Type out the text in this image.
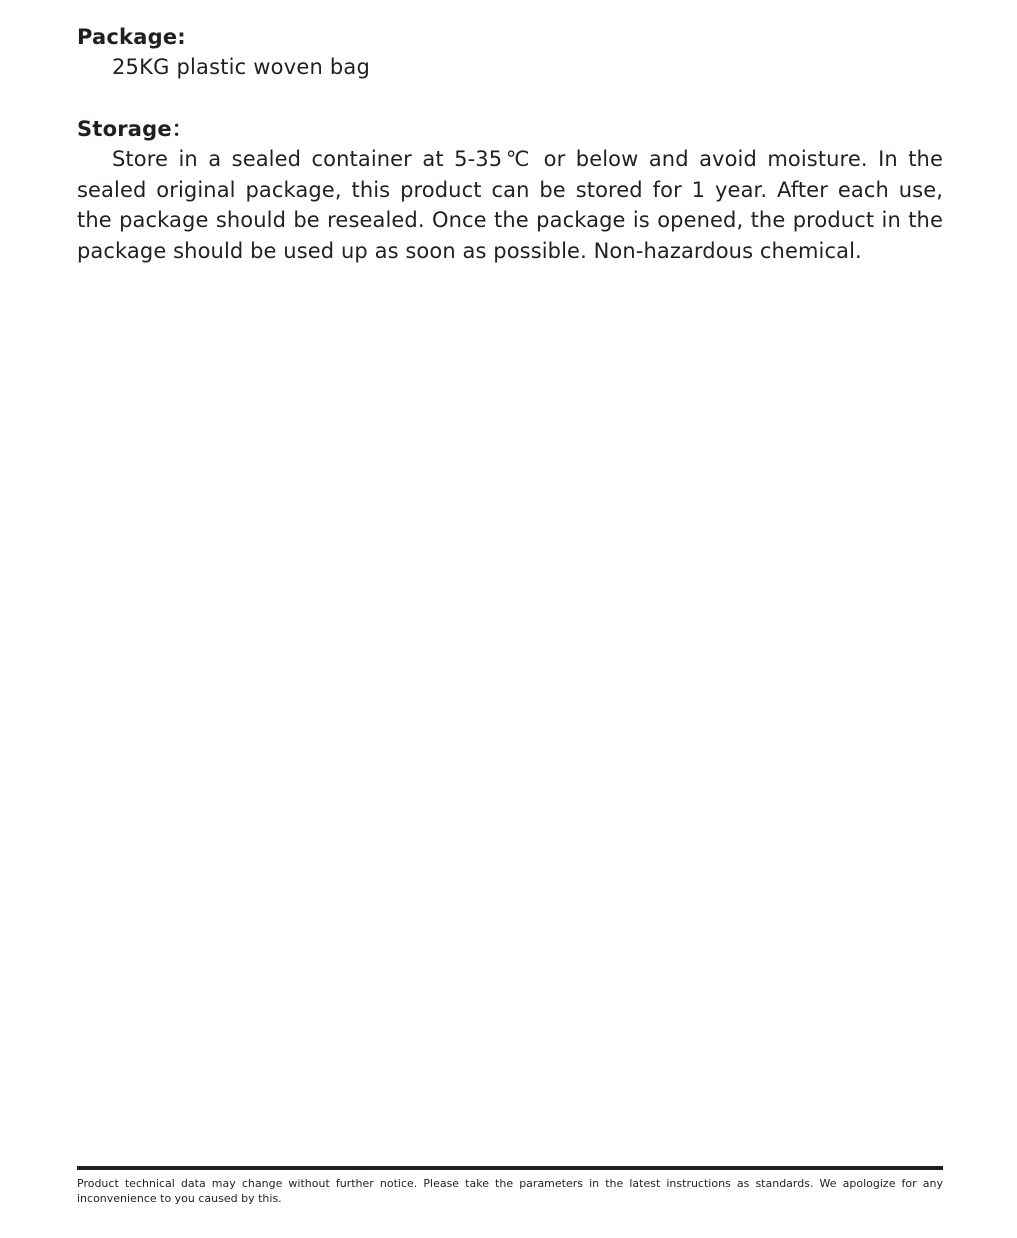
Package:

25KG plastic woven bag

Storage：

Store in a sealed container at 5-35℃ or below and avoid moisture. In the sealed original package, this product can be stored for 1 year. After each use, the package should be resealed. Once the package is opened, the product in the package should be used up as soon as possible. Non-hazardous chemical.

Product technical data may change without further notice. Please take the parameters in the latest instructions as standards. We apologize for any inconvenience to you caused by this.
